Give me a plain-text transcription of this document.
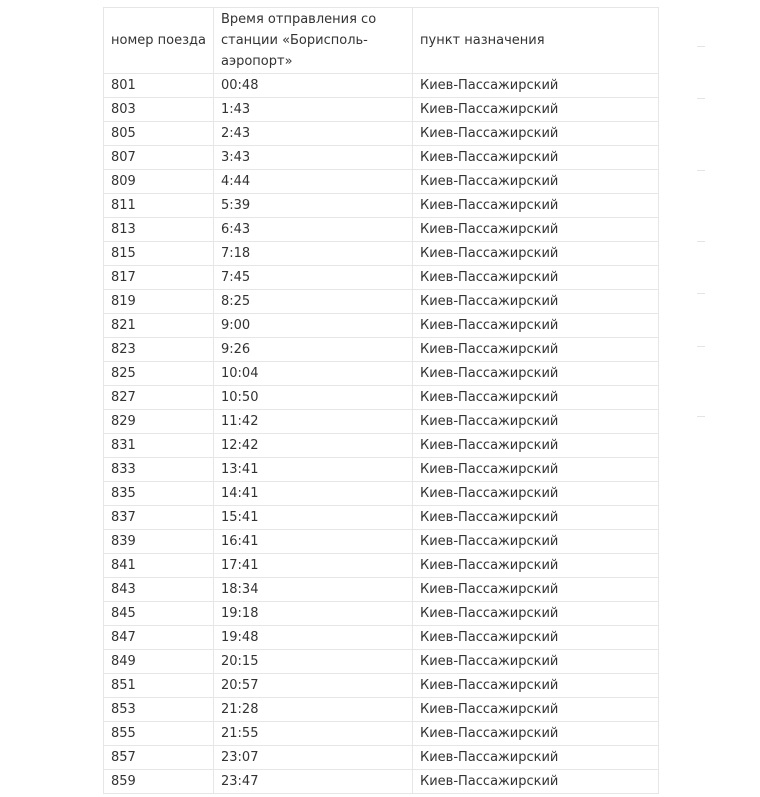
номер поезда	Время отправления со станции «Борисполь-аэропорт»	пункт назначения
801	00:48	Киев-Пассажирский
803	1:43	Киев-Пассажирский
805	2:43	Киев-Пассажирский
807	3:43	Киев-Пассажирский
809	4:44	Киев-Пассажирский
811	5:39	Киев-Пассажирский
813	6:43	Киев-Пассажирский
815	7:18	Киев-Пассажирский
817	7:45	Киев-Пассажирский
819	8:25	Киев-Пассажирский
821	9:00	Киев-Пассажирский
823	9:26	Киев-Пассажирский
825	10:04	Киев-Пассажирский
827	10:50	Киев-Пассажирский
829	11:42	Киев-Пассажирский
831	12:42	Киев-Пассажирский
833	13:41	Киев-Пассажирский
835	14:41	Киев-Пассажирский
837	15:41	Киев-Пассажирский
839	16:41	Киев-Пассажирский
841	17:41	Киев-Пассажирский
843	18:34	Киев-Пассажирский
845	19:18	Киев-Пассажирский
847	19:48	Киев-Пассажирский
849	20:15	Киев-Пассажирский
851	20:57	Киев-Пассажирский
853	21:28	Киев-Пассажирский
855	21:55	Киев-Пассажирский
857	23:07	Киев-Пассажирский
859	23:47	Киев-Пассажирский
